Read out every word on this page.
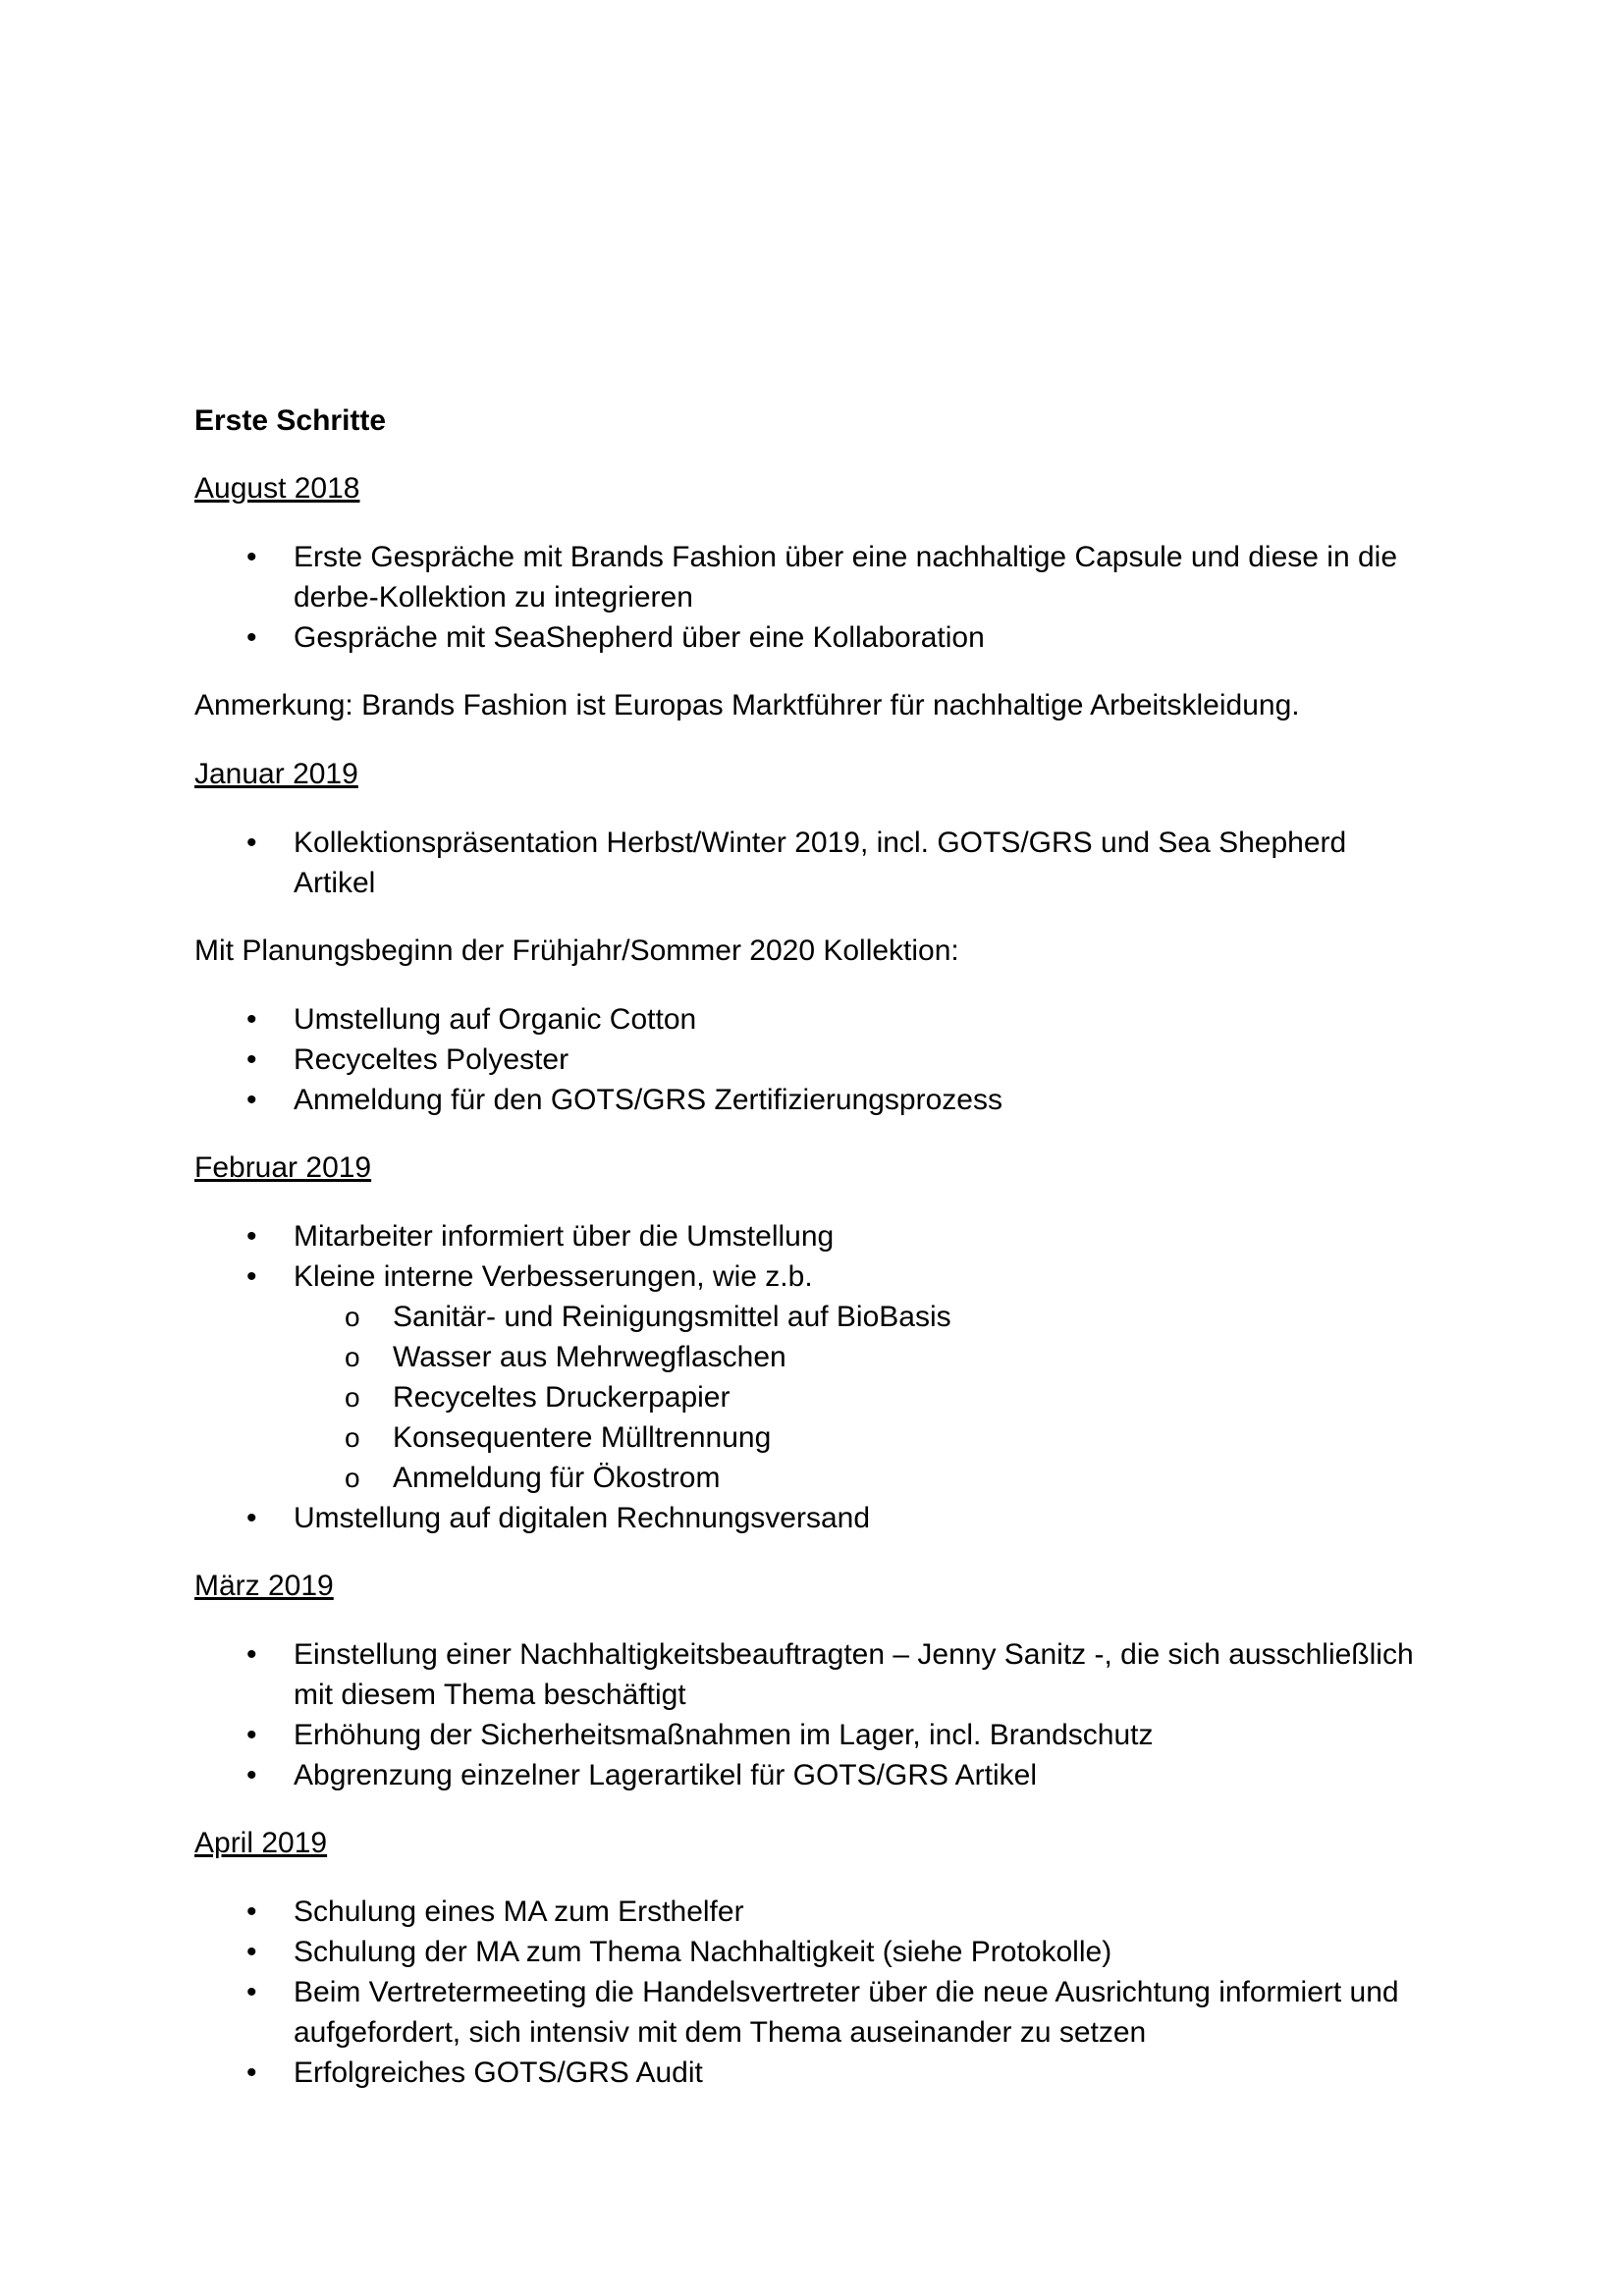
Erste Schritte
August 2018
• Erste Gespräche mit Brands Fashion über eine nachhaltige Capsule und diese in die derbe-Kollektion zu integrieren
• Gespräche mit SeaShepherd über eine Kollaboration
Anmerkung: Brands Fashion ist Europas Marktführer für nachhaltige Arbeitskleidung.
Januar 2019
• Kollektionspräsentation Herbst/Winter 2019, incl. GOTS/GRS und Sea Shepherd Artikel
Mit Planungsbeginn der Frühjahr/Sommer 2020 Kollektion:
• Umstellung auf Organic Cotton
• Recyceltes Polyester
• Anmeldung für den GOTS/GRS Zertifizierungsprozess
Februar 2019
• Mitarbeiter informiert über die Umstellung
• Kleine interne Verbesserungen, wie z.b.
o Sanitär- und Reinigungsmittel auf BioBasis
o Wasser aus Mehrwegflaschen
o Recyceltes Druckerpapier
o Konsequentere Mülltrennung
o Anmeldung für Ökostrom
• Umstellung auf digitalen Rechnungsversand
März 2019
• Einstellung einer Nachhaltigkeitsbeauftragten – Jenny Sanitz -, die sich ausschließlich mit diesem Thema beschäftigt
• Erhöhung der Sicherheitsmaßnahmen im Lager, incl. Brandschutz
• Abgrenzung einzelner Lagerartikel für GOTS/GRS Artikel
April 2019
• Schulung eines MA zum Ersthelfer
• Schulung der MA zum Thema Nachhaltigkeit (siehe Protokolle)
• Beim Vertretermeeting die Handelsvertreter über die neue Ausrichtung informiert und aufgefordert, sich intensiv mit dem Thema auseinander zu setzen
• Erfolgreiches GOTS/GRS Audit
